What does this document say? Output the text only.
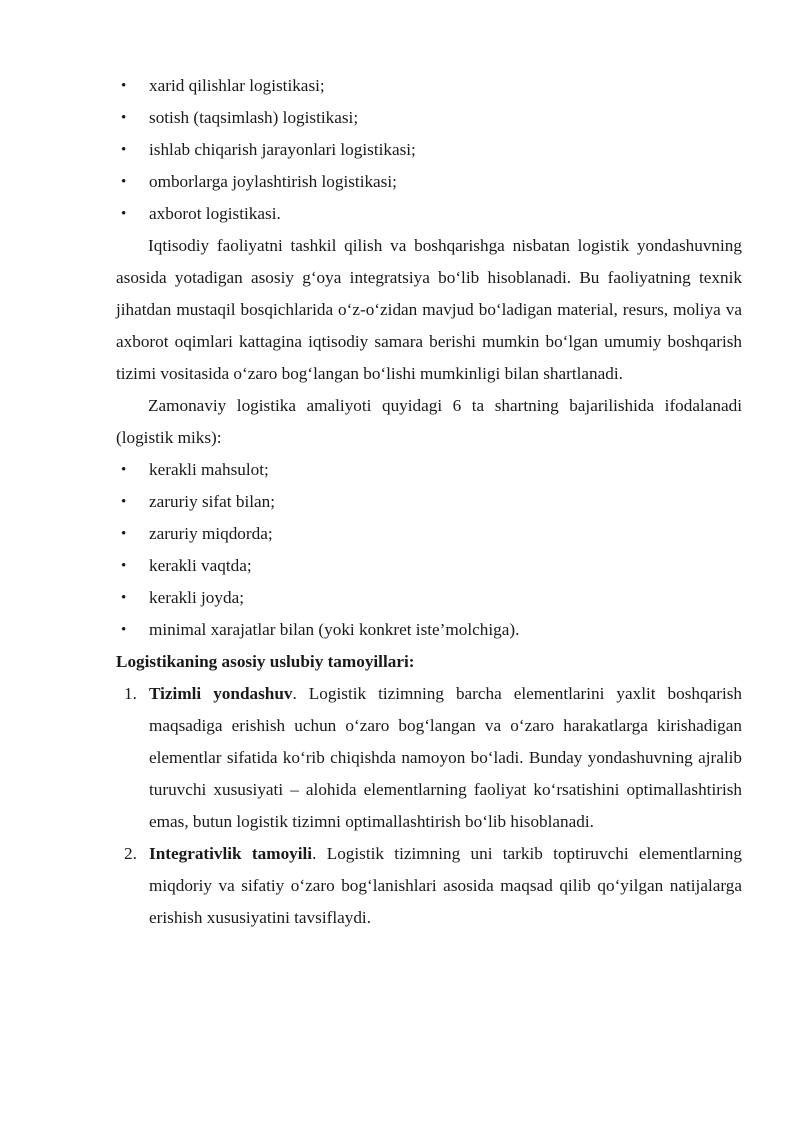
• xarid qilishlar logistikasi;
• sotish (taqsimlash) logistikasi;
• ishlab chiqarish jarayonlari logistikasi;
• omborlarga joylashtirish logistikasi;
• axborot logistikasi.

Iqtisodiy faoliyatni tashkil qilish va boshqarishga nisbatan logistik yondashuvning asosida yotadigan asosiy g‘oya integratsiya bo‘lib hisoblanadi. Bu faoliyatning texnik jihatdan mustaqil bosqichlarida o‘z-o‘zidan mavjud bo‘ladigan material, resurs, moliya va axborot oqimlari kattagina iqtisodiy samara berishi mumkin bo‘lgan umumiy boshqarish tizimi vositasida o‘zaro bog‘langan bo‘lishi mumkinligi bilan shartlanadi.

Zamonaviy logistika amaliyoti quyidagi 6 ta shartning bajarilishida ifodalanadi (logistik miks):

• kerakli mahsulot;
• zaruriy sifat bilan;
• zaruriy miqdorda;
• kerakli vaqtda;
• kerakli joyda;
• minimal xarajatlar bilan (yoki konkret iste’molchiga).

Logistikaning asosiy uslubiy tamoyillari:

1. Tizimli yondashuv. Logistik tizimning barcha elementlarini yaxlit boshqarish maqsadiga erishish uchun o‘zaro bog‘langan va o‘zaro harakatlarga kirishadigan elementlar sifatida ko‘rib chiqishda namoyon bo‘ladi. Bunday yondashuvning ajralib turuvchi xususiyati – alohida elementlarning faoliyat ko‘rsatishini optimallashtirish emas, butun logistik tizimni optimallashtirish bo‘lib hisoblanadi.
2. Integrativlik tamoyili. Logistik tizimning uni tarkib toptiruvchi elementlarning miqdoriy va sifatiy o‘zaro bog‘lanishlari asosida maqsad qilib qo‘yilgan natijalarga erishish xususiyatini tavsiflaydi.
